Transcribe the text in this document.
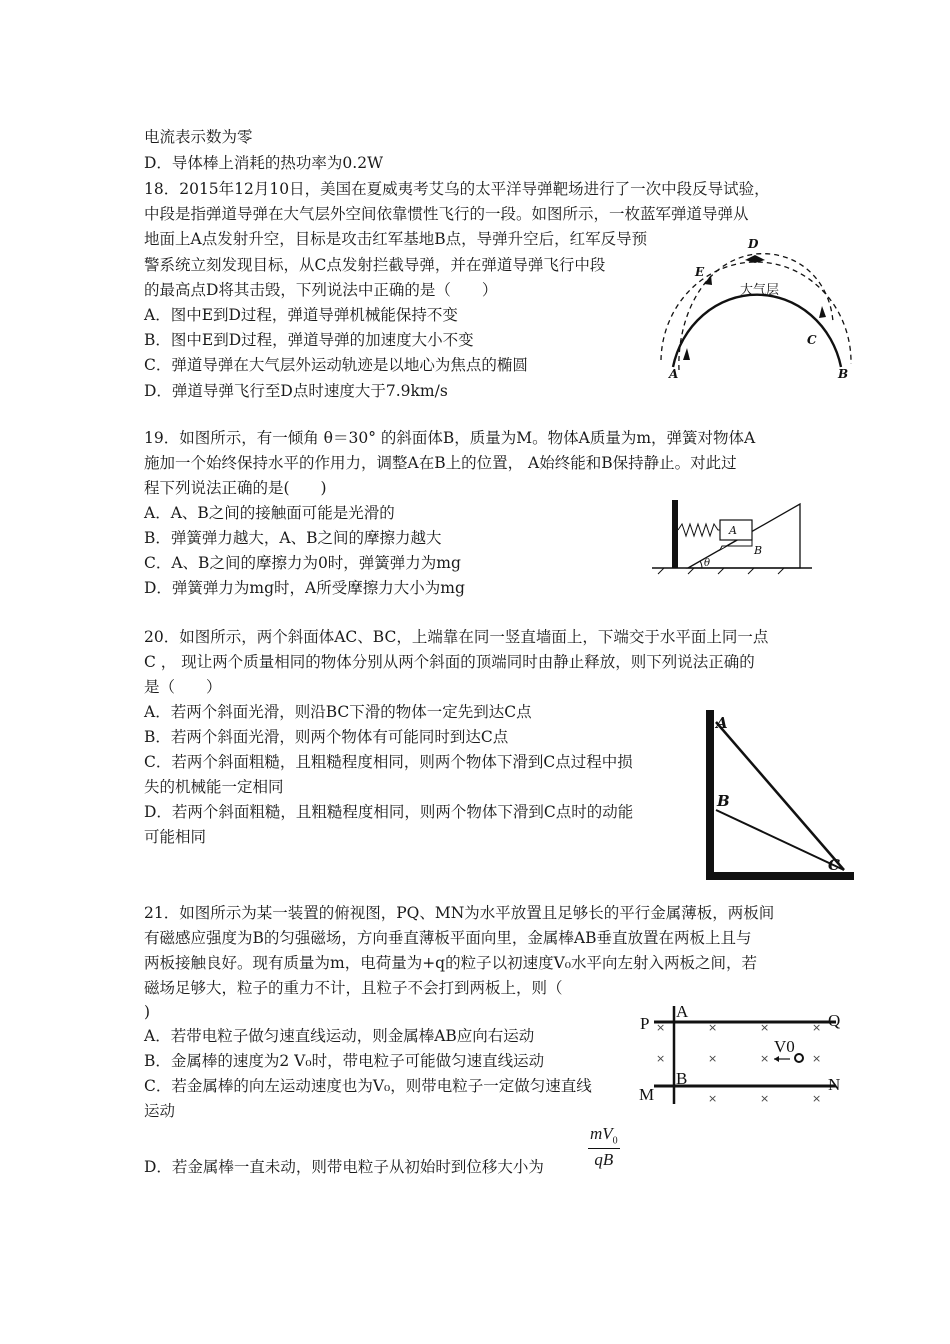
电流表示数为零
D．导体棒上消耗的热功率为0.2W
18．2015年12月10日，美国在夏威夷考艾乌的太平洋导弹靶场进行了一次中段反导试验，
中段是指弹道导弹在大气层外空间依靠惯性飞行的一段。如图所示，一枚蓝军弹道导弹从
地面上A点发射升空，目标是攻击红军基地B点，导弹升空后，红军反导预
警系统立刻发现目标，从C点发射拦截导弹，并在弹道导弹飞行中段
的最高点D将其击毁，下列说法中正确的是（　　）
A．图中E到D过程，弹道导弹机械能保持不变
B．图中E到D过程，弹道导弹的加速度大小不变
C．弹道导弹在大气层外运动轨迹是以地心为焦点的椭圆
D．弹道导弹飞行至D点时速度大于7.9km/s
大气层
A	B
C
D
E
19．如图所示，有一倾角 θ＝30° 的斜面体B，质量为M。物体A质量为m，弹簧对物体A
施加一个始终保持水平的作用力，调整A在B上的位置， A始终能和B保持静止。对此过
程下列说法正确的是(　　)
A．A、B之间的接触面可能是光滑的
B．弹簧弹力越大，A、B之间的摩擦力越大
C．A、B之间的摩擦力为0时，弹簧弹力为mg
D．弹簧弹力为mg时，A所受摩擦力大小为mg
A
B
θ
20．如图所示，两个斜面体AC、BC，上端靠在同一竖直墙面上，下端交于水平面上同一点
C ， 现让两个质量相同的物体分别从两个斜面的顶端同时由静止释放，则下列说法正确的
是（　　）
A．若两个斜面光滑，则沿BC下滑的物体一定先到达C点
B．若两个斜面光滑，则两个物体有可能同时到达C点
C．若两个斜面粗糙，且粗糙程度相同，则两个物体下滑到C点过程中损
失的机械能一定相同
D．若两个斜面粗糙，且粗糙程度相同，则两个物体下滑到C点时的动能
可能相同
A
B
C
21．如图所示为某一装置的俯视图，PQ、MN为水平放置且足够长的平行金属薄板，两板间
有磁感应强度为B的匀强磁场，方向垂直薄板平面向里，金属棒AB垂直放置在两板上且与
两板接触良好。现有质量为m，电荷量为+q的粒子以初速度V₀水平向左射入两板之间，若
磁场足够大，粒子的重力不计，且粒子不会打到两板上，则（
)
A．若带电粒子做匀速直线运动，则金属棒AB应向右运动
B．金属棒的速度为2 V₀时，带电粒子可能做匀速直线运动
C．若金属棒的向左运动速度也为V₀，则带电粒子一定做匀速直线
运动
D．若金属棒一直未动，则带电粒子从初始时到位移大小为	$\frac{mV_0}{qB}$
P	Q
M
N
A
B
V0
×	×	×	×
×	×	×	×
×	×	×
